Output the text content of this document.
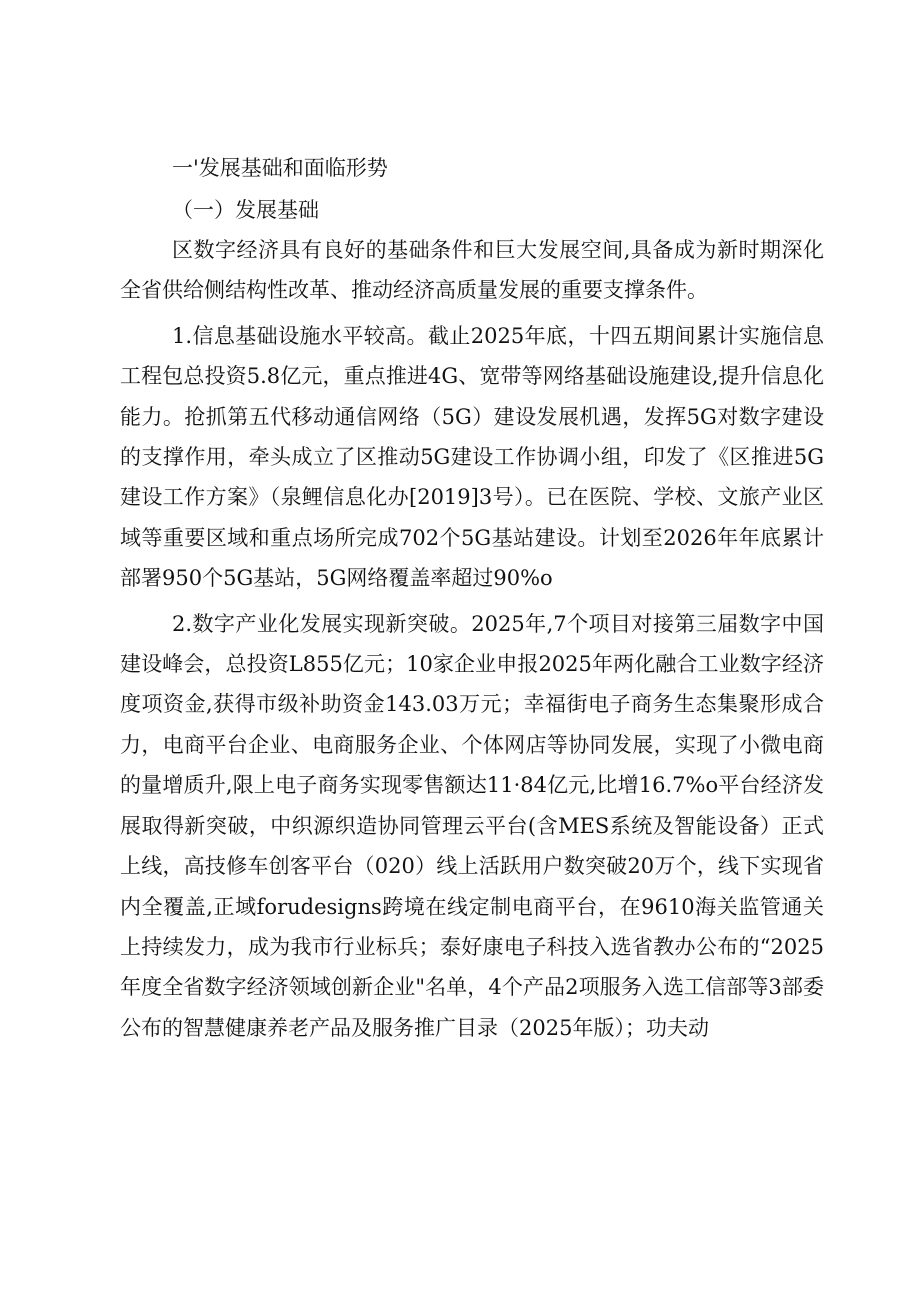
一'发展基础和面临形势
（一）发展基础

区数字经济具有良好的基础条件和巨大发展空间,具备成为新时期深化全省供给侧结构性改革、推动经济高质量发展的重要支撑条件。

1.信息基础设施水平较高。截止2025年底，十四五期间累计实施信息工程包总投资5.8亿元，重点推进4G、宽带等网络基础设施建设,提升信息化能力。抢抓第五代移动通信网络（5G）建设发展机遇，发挥5G对数字建设的支撑作用，牵头成立了区推动5G建设工作协调小组，印发了《区推进5G建设工作方案》（泉鲤信息化办[2019]3号）。已在医院、学校、文旅产业区域等重要区域和重点场所完成702个5G基站建设。计划至2026年年底累计部署950个5G基站，5G网络覆盖率超过90%o

2.数字产业化发展实现新突破。2025年,7个项目对接第三届数字中国建设峰会，总投资L855亿元；10家企业申报2025年两化融合工业数字经济度项资金,获得市级补助资金143.03万元；幸福街电子商务生态集聚形成合力，电商平台企业、电商服务企业、个体网店等协同发展，实现了小微电商的量增质升,限上电子商务实现零售额达11·84亿元,比增16.7%o平台经济发展取得新突破，中织源织造协同管理云平台(含MES系统及智能设备）正式上线，高技修车创客平台（020）线上活跃用户数突破20万个，线下实现省内全覆盖,正域forudesigns跨境在线定制电商平台，在9610海关监管通关上持续发力，成为我市行业标兵；泰好康电子科技入选省教办公布的“2025年度全省数字经济领域创新企业"名单，4个产品2项服务入选工信部等3部委公布的智慧健康养老产品及服务推广目录（2025年版）；功夫动
